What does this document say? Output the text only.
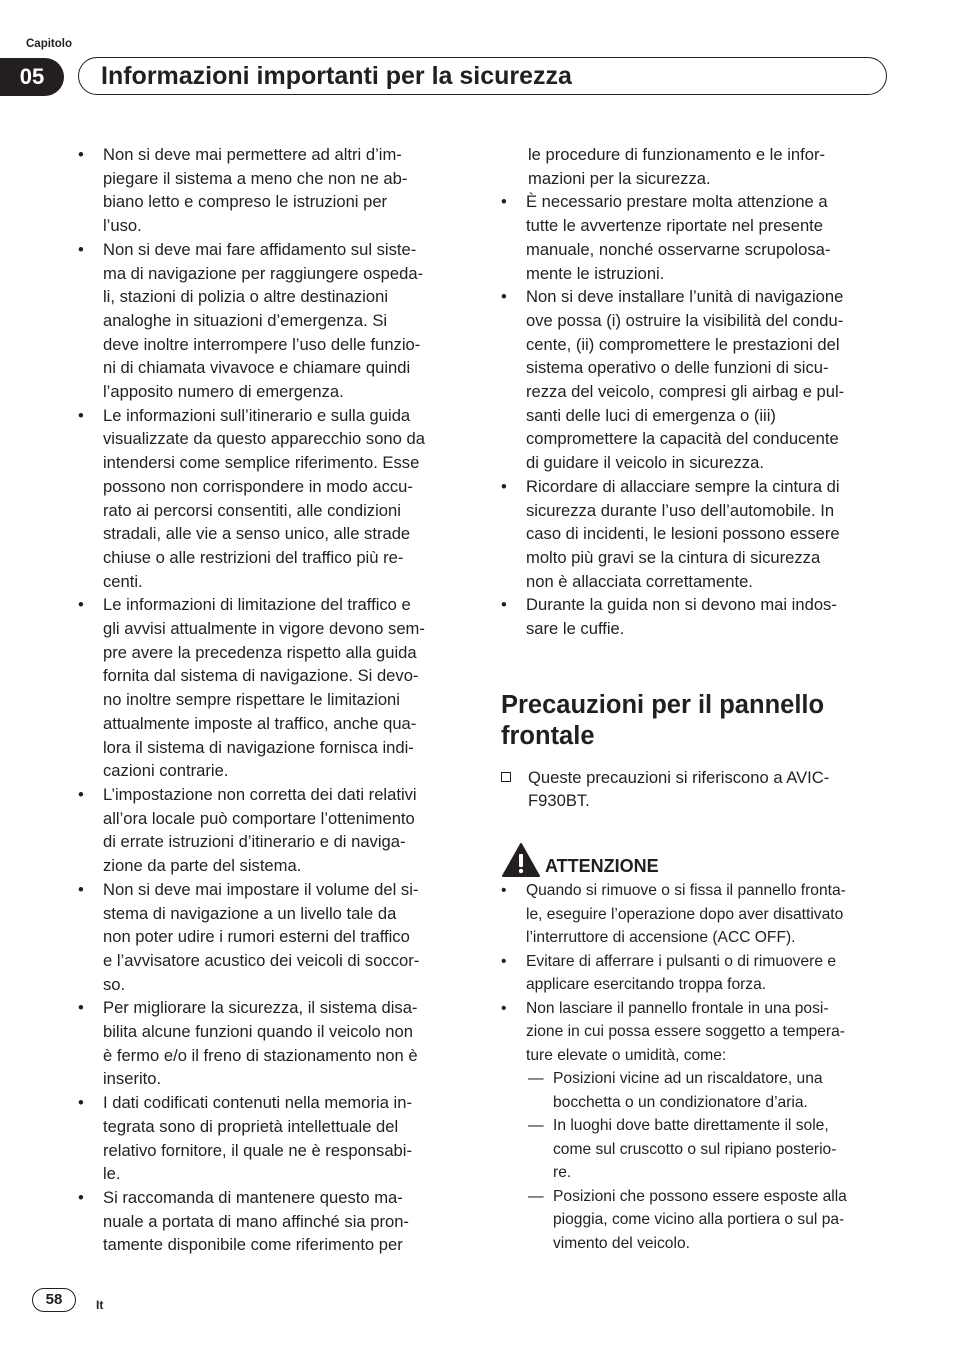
Capitolo
05	Informazioni importanti per la sicurezza
•	Non si deve mai permettere ad altri d’im-
piegare il sistema a meno che non ne ab-
biano letto e compreso le istruzioni per
l’uso.
•	Non si deve mai fare affidamento sul siste-
ma di navigazione per raggiungere ospeda-
li, stazioni di polizia o altre destinazioni
analoghe in situazioni d’emergenza. Si
deve inoltre interrompere l’uso delle funzio-
ni di chiamata vivavoce e chiamare quindi
l’apposito numero di emergenza.
•	Le informazioni sull’itinerario e sulla guida
visualizzate da questo apparecchio sono da
intendersi come semplice riferimento. Esse
possono non corrispondere in modo accu-
rato ai percorsi consentiti, alle condizioni
stradali, alle vie a senso unico, alle strade
chiuse o alle restrizioni del traffico più re-
centi.
•	Le informazioni di limitazione del traffico e
gli avvisi attualmente in vigore devono sem-
pre avere la precedenza rispetto alla guida
fornita dal sistema di navigazione. Si devo-
no inoltre sempre rispettare le limitazioni
attualmente imposte al traffico, anche qua-
lora il sistema di navigazione fornisca indi-
cazioni contrarie.
•	L’impostazione non corretta dei dati relativi
all’ora locale può comportare l’ottenimento
di errate istruzioni d’itinerario e di naviga-
zione da parte del sistema.
•	Non si deve mai impostare il volume del si-
stema di navigazione a un livello tale da
non poter udire i rumori esterni del traffico
e l’avvisatore acustico dei veicoli di soccor-
so.
•	Per migliorare la sicurezza, il sistema disa-
bilita alcune funzioni quando il veicolo non
è fermo e/o il freno di stazionamento non è
inserito.
•	I dati codificati contenuti nella memoria in-
tegrata sono di proprietà intellettuale del
relativo fornitore, il quale ne è responsabi-
le.
•	Si raccomanda di mantenere questo ma-
nuale a portata di mano affinché sia pron-
tamente disponibile come riferimento per
le procedure di funzionamento e le infor-
mazioni per la sicurezza.
•	È necessario prestare molta attenzione a
tutte le avvertenze riportate nel presente
manuale, nonché osservarne scrupolosa-
mente le istruzioni.
•	Non si deve installare l’unità di navigazione
ove possa (i) ostruire la visibilità del condu-
cente, (ii) compromettere le prestazioni del
sistema operativo o delle funzioni di sicu-
rezza del veicolo, compresi gli airbag e pul-
santi delle luci di emergenza o (iii)
compromettere la capacità del conducente
di guidare il veicolo in sicurezza.
•	Ricordare di allacciare sempre la cintura di
sicurezza durante l’uso dell’automobile. In
caso di incidenti, le lesioni possono essere
molto più gravi se la cintura di sicurezza
non è allacciata correttamente.
•	Durante la guida non si devono mai indos-
sare le cuffie.
Precauzioni per il pannello
frontale
Queste precauzioni si riferiscono a AVIC-
F930BT.
ATTENZIONE
•	Quando si rimuove o si fissa il pannello fronta-
le, eseguire l’operazione dopo aver disattivato
l’interruttore di accensione (ACC OFF).
•	Evitare di afferrare i pulsanti o di rimuovere e
applicare esercitando troppa forza.
•	Non lasciare il pannello frontale in una posi-
zione in cui possa essere soggetto a tempera-
ture elevate o umidità, come:
— Posizioni vicine ad un riscaldatore, una
bocchetta o un condizionatore d’aria.
— In luoghi dove batte direttamente il sole,
come sul cruscotto o sul ripiano posterio-
re.
— Posizioni che possono essere esposte alla
pioggia, come vicino alla portiera o sul pa-
vimento del veicolo.
58	It
